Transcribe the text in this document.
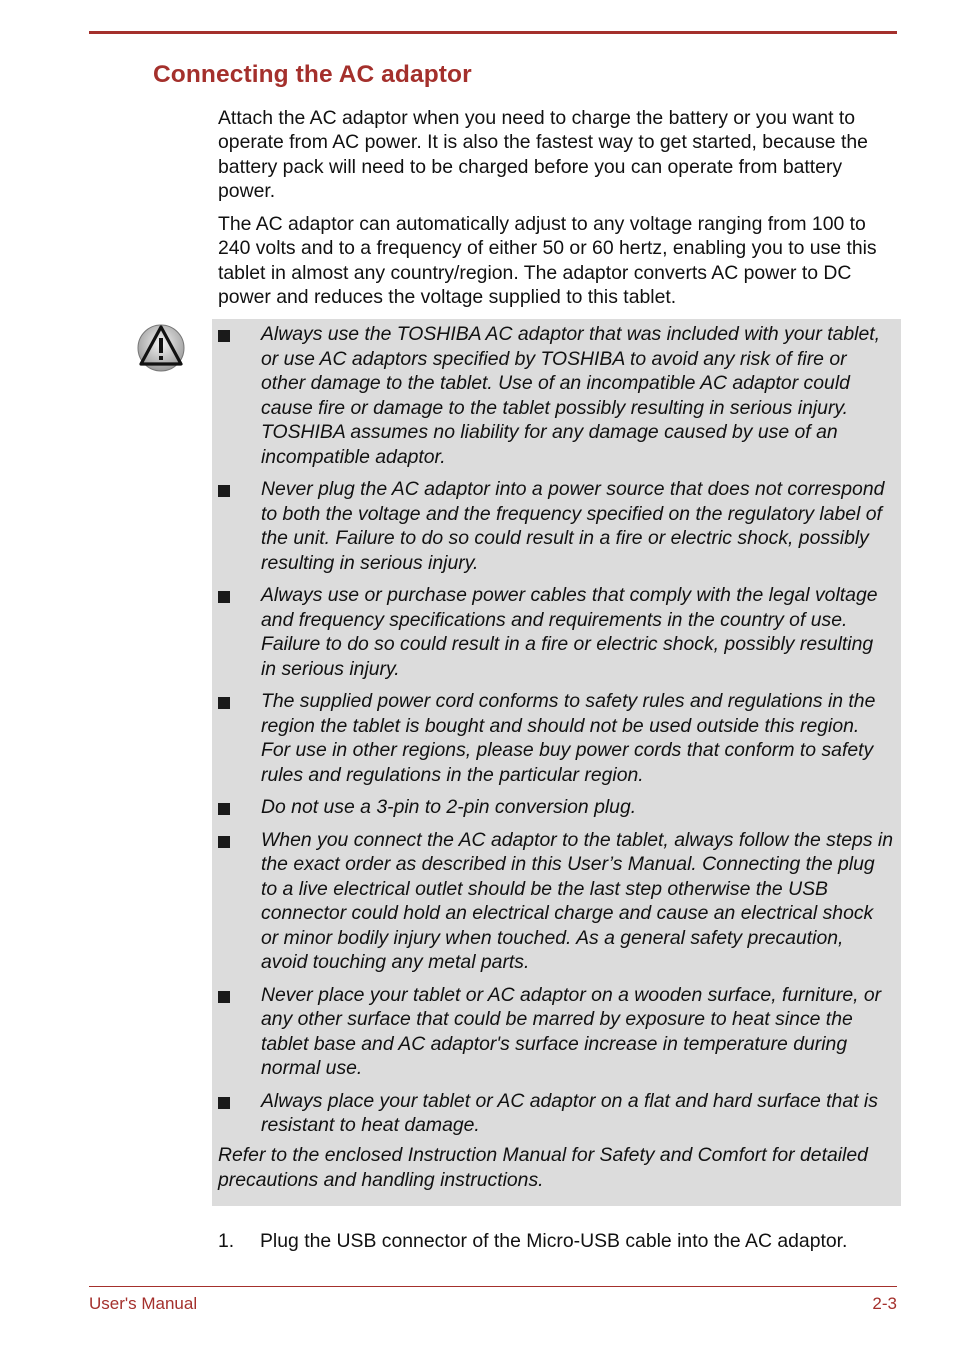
Connecting the AC adaptor

Attach the AC adaptor when you need to charge the battery or you want to operate from AC power. It is also the fastest way to get started, because the battery pack will need to be charged before you can operate from battery power.

The AC adaptor can automatically adjust to any voltage ranging from 100 to 240 volts and to a frequency of either 50 or 60 hertz, enabling you to use this tablet in almost any country/region. The adaptor converts AC power to DC power and reduces the voltage supplied to this tablet.

Always use the TOSHIBA AC adaptor that was included with your tablet, or use AC adaptors specified by TOSHIBA to avoid any risk of fire or other damage to the tablet. Use of an incompatible AC adaptor could cause fire or damage to the tablet possibly resulting in serious injury. TOSHIBA assumes no liability for any damage caused by use of an incompatible adaptor.
Never plug the AC adaptor into a power source that does not correspond to both the voltage and the frequency specified on the regulatory label of the unit. Failure to do so could result in a fire or electric shock, possibly resulting in serious injury.
Always use or purchase power cables that comply with the legal voltage and frequency specifications and requirements in the country of use. Failure to do so could result in a fire or electric shock, possibly resulting in serious injury.
The supplied power cord conforms to safety rules and regulations in the region the tablet is bought and should not be used outside this region. For use in other regions, please buy power cords that conform to safety rules and regulations in the particular region.
Do not use a 3-pin to 2-pin conversion plug.
When you connect the AC adaptor to the tablet, always follow the steps in the exact order as described in this User’s Manual. Connecting the plug to a live electrical outlet should be the last step otherwise the USB connector could hold an electrical charge and cause an electrical shock or minor bodily injury when touched. As a general safety precaution, avoid touching any metal parts.
Never place your tablet or AC adaptor on a wooden surface, furniture, or any other surface that could be marred by exposure to heat since the tablet base and AC adaptor's surface increase in temperature during normal use.
Always place your tablet or AC adaptor on a flat and hard surface that is resistant to heat damage.

Refer to the enclosed Instruction Manual for Safety and Comfort for detailed precautions and handling instructions.

1. Plug the USB connector of the Micro-USB cable into the AC adaptor.
User's Manual	2-3
